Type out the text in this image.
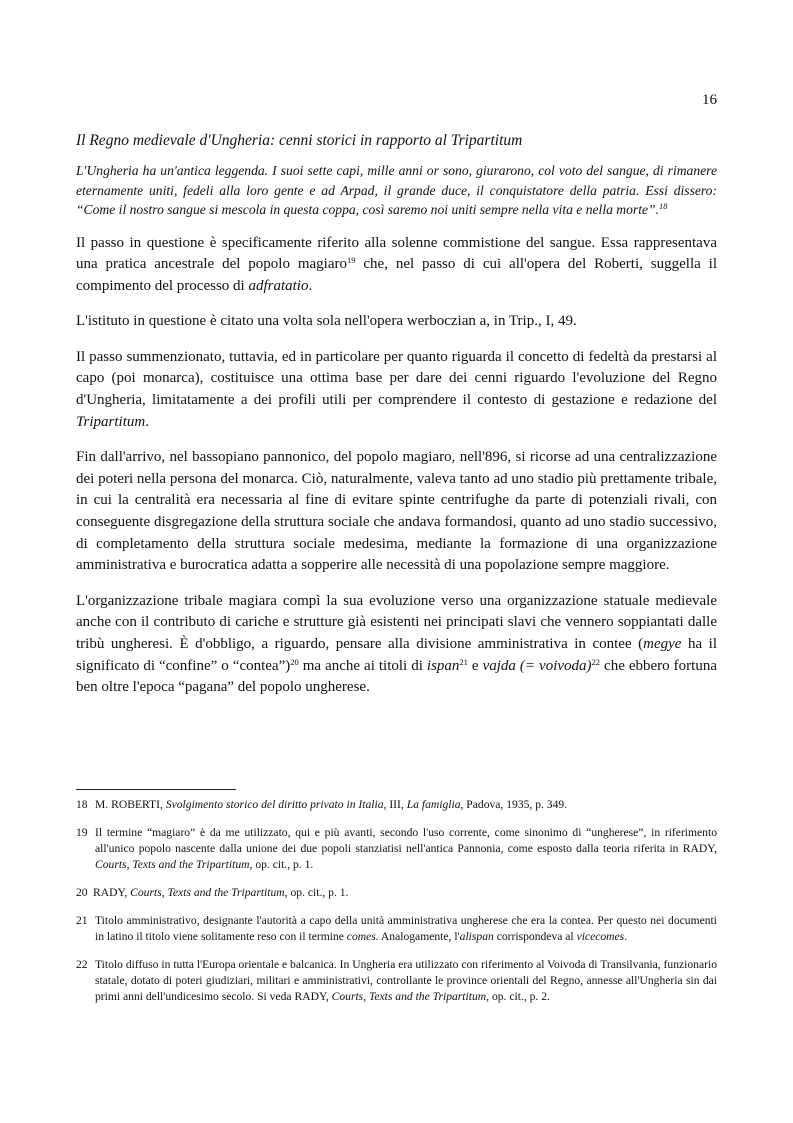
16

Il Regno medievale d'Ungheria: cenni storici in rapporto al Tripartitum

L'Ungheria ha un'antica leggenda. I suoi sette capi, mille anni or sono, giurarono, col voto del sangue, di rimanere eternamente uniti, fedeli alla loro gente e ad Arpad, il grande duce, il conquistatore della patria. Essi dissero: “Come il nostro sangue si mescola in questa coppa, così saremo noi uniti sempre nella vita e nella morte”.$^{18}$

Il passo in questione è specificamente riferito alla solenne commistione del sangue. Essa rappresentava una pratica ancestrale del popolo magiaro$^{19}$ che, nel passo di cui all'opera del Roberti, suggella il compimento del processo di adfratatio.

L'istituto in questione è citato una volta sola nell'opera werboczian a, in Trip., I, 49.

Il passo summenzionato, tuttavia, ed in particolare per quanto riguarda il concetto di fedeltà da prestarsi al capo (poi monarca), costituisce una ottima base per dare dei cenni riguardo l'evoluzione del Regno d'Ungheria, limitatamente a dei profili utili per comprendere il contesto di gestazione e redazione del Tripartitum.

Fin dall'arrivo, nel bassopiano pannonico, del popolo magiaro, nell'896, si ricorse ad una centralizzazione dei poteri nella persona del monarca. Ciò, naturalmente, valeva tanto ad uno stadio più prettamente tribale, in cui la centralità era necessaria al fine di evitare spinte centrifughe da parte di potenziali rivali, con conseguente disgregazione della struttura sociale che andava formandosi, quanto ad uno stadio successivo, di completamento della struttura sociale medesima, mediante la formazione di una organizzazione amministrativa e burocratica adatta a sopperire alle necessità di una popolazione sempre maggiore.

L'organizzazione tribale magiara compì la sua evoluzione verso una organizzazione statuale medievale anche con il contributo di cariche e strutture già esistenti nei principati slavi che vennero soppiantati dalle tribù ungheresi. È d'obbligo, a riguardo, pensare alla divisione amministrativa in contee (megye ha il significato di “confine” o “contea”)$^{20}$ ma anche ai titoli di ispan$^{21}$ e vajda (= voivoda)$^{22}$ che ebbero fortuna ben oltre l'epoca “pagana” del popolo ungherese.

18 M. ROBERTI, Svolgimento storico del diritto privato in Italia, III, La famiglia, Padova, 1935, p. 349.
19 Il termine “magiaro” è da me utilizzato, qui e più avanti, secondo l'uso corrente, come sinonimo di “ungherese”, in riferimento all'unico popolo nascente dalla unione dei due popoli stanziatisi nell'antica Pannonia, come esposto dalla teoria riferita in RADY, Courts, Texts and the Tripartitum, op. cit., p. 1.
20 RADY, Courts, Texts and the Tripartitum, op. cit., p. 1.
21 Titolo amministrativo, designante l'autorità a capo della unità amministrativa ungherese che era la contea. Per questo nei documenti in latino il titolo viene solitamente reso con il termine comes. Analogamente, l'alispan corrispondeva al vicecomes.
22 Titolo diffuso in tutta l'Europa orientale e balcanica. In Ungheria era utilizzato con riferimento al Voivoda di Transilvania, funzionario statale, dotato di poteri giudiziari, militari e amministrativi, controllante le province orientali del Regno, annesse all'Ungheria sin dai primi anni dell'undicesimo secolo. Si veda RADY, Courts, Texts and the Tripartitum, op. cit., p. 2.
